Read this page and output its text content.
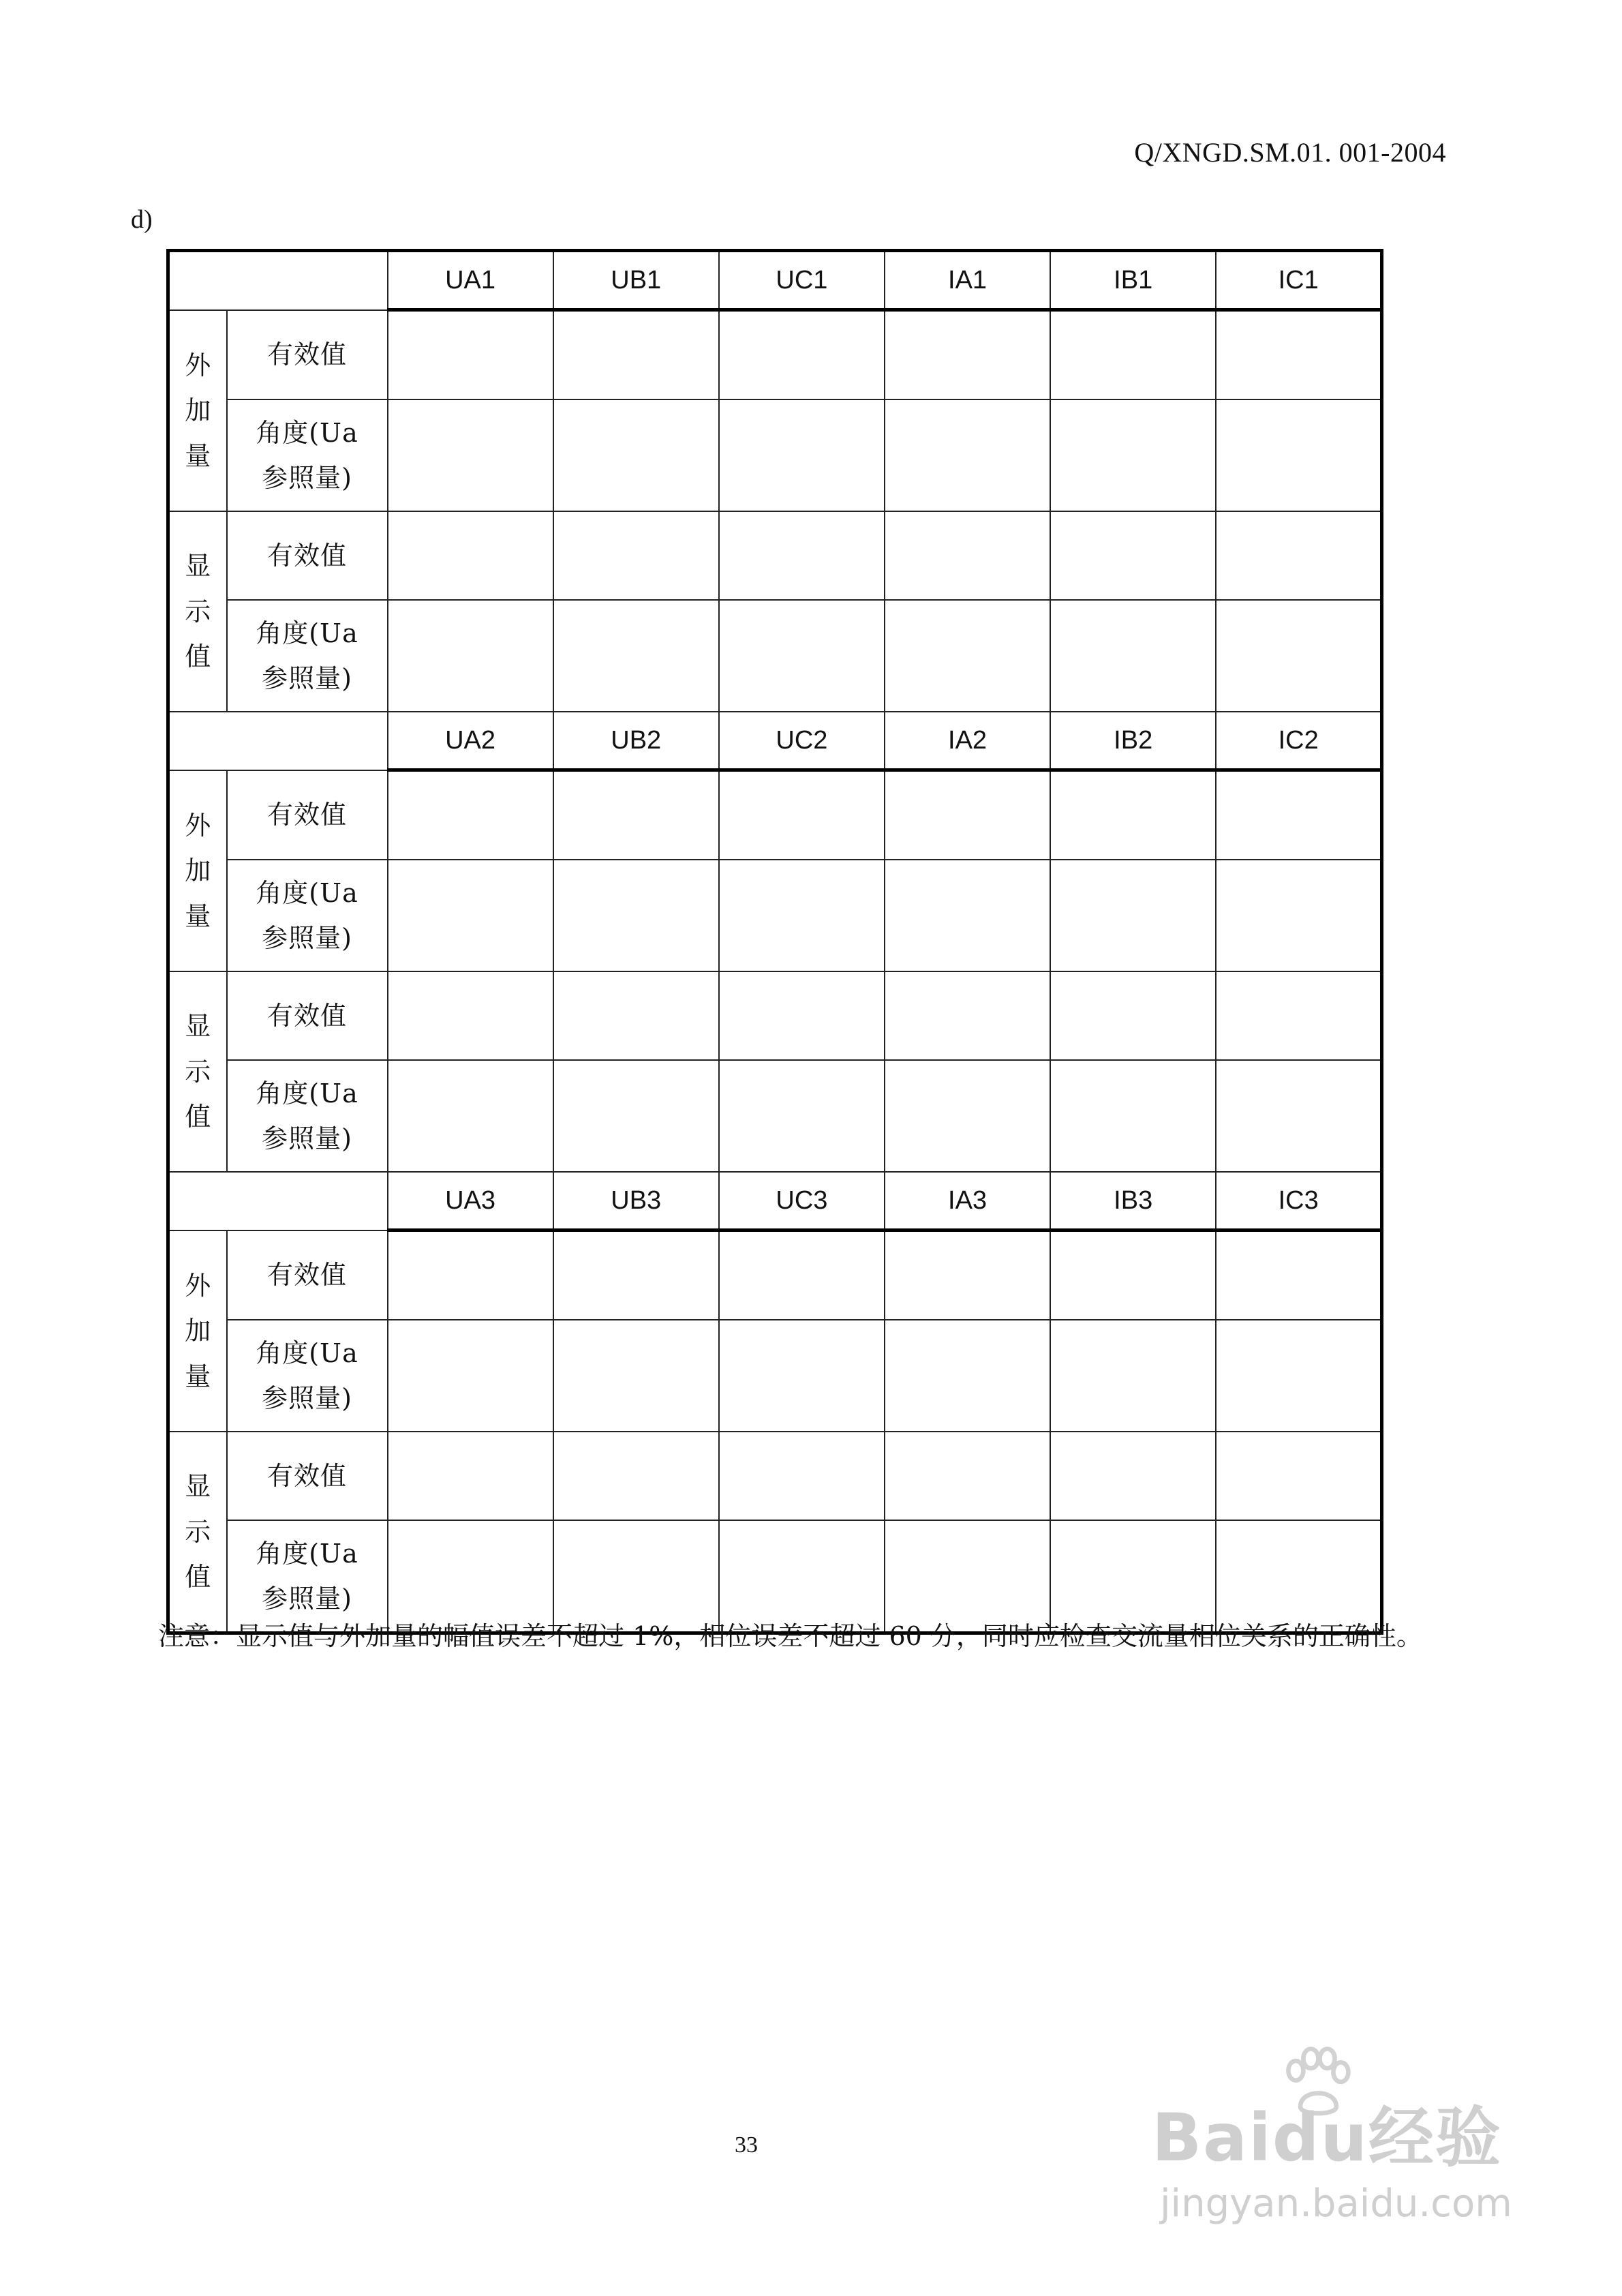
Q/XNGD.SM.01. 001-2004
d)
		UA1	UB1	UC1	IA1	IB1	IC1

外
加
量	有效值						

	角度(Ua
参照量)						

显
示
值	有效值						

	角度(Ua
参照量)						

		UA2	UB2	UC2	IA2	IB2	IC2

外
加
量	有效值						

	角度(Ua
参照量)						

显
示
值	有效值						

	角度(Ua
参照量)						

		UA3	UB3	UC3	IA3	IB3	IC3

外
加
量	有效值						

	角度(Ua
参照量)						

显
示
值	有效值						

	角度(Ua
参照量)						

注意：显示值与外加量的幅值误差不超过 1%，相位误差不超过 60 分，同时应检查交流量相位关系的正确性。
33	Baidu经验
jingyan.baidu.com
